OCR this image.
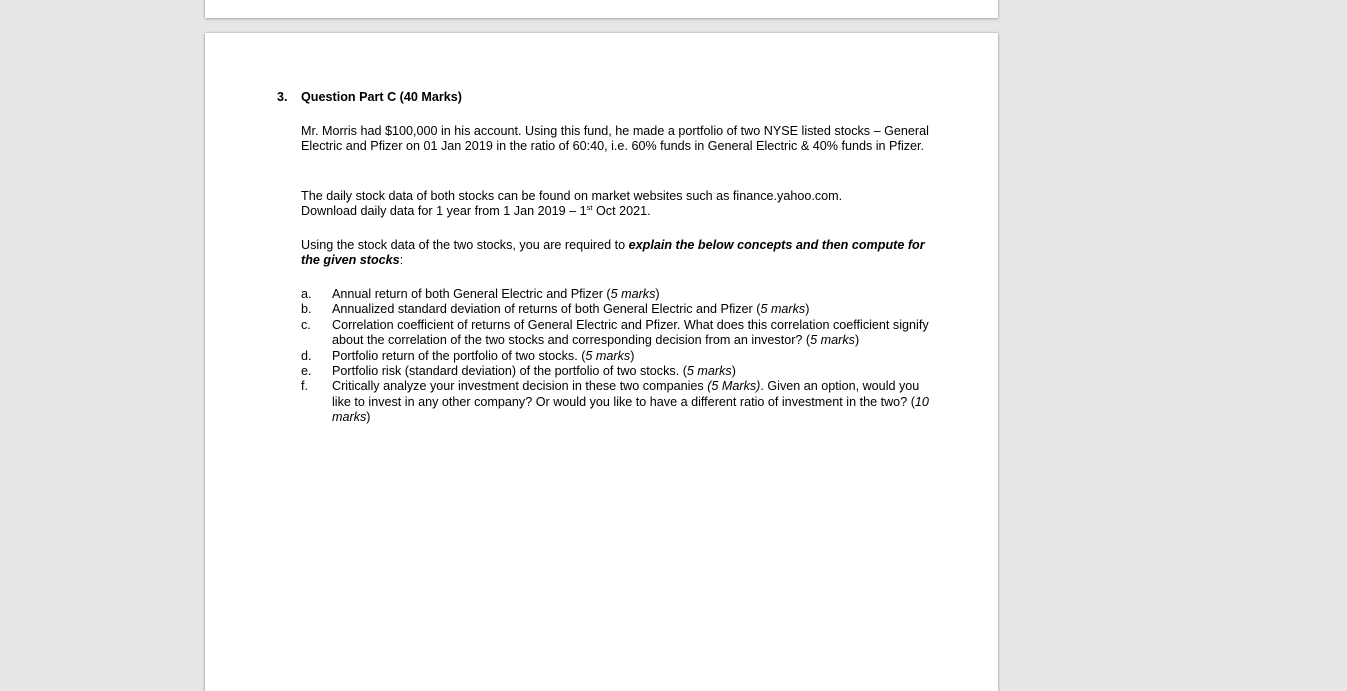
3. Question Part C (40 Marks)
Mr. Morris had $100,000 in his account. Using this fund, he made a portfolio of two NYSE listed stocks – General Electric and Pfizer on 01 Jan 2019 in the ratio of 60:40, i.e. 60% funds in General Electric & 40% funds in Pfizer.
The daily stock data of both stocks can be found on market websites such as finance.yahoo.com.
Download daily data for 1 year from 1 Jan 2019 – 1st Oct 2021.
Using the stock data of the two stocks, you are required to explain the below concepts and then compute for the given stocks:
a. Annual return of both General Electric and Pfizer (5 marks)
b. Annualized standard deviation of returns of both General Electric and Pfizer (5 marks)
c. Correlation coefficient of returns of General Electric and Pfizer. What does this correlation coefficient signify about the correlation of the two stocks and corresponding decision from an investor? (5 marks)
d. Portfolio return of the portfolio of two stocks. (5 marks)
e. Portfolio risk (standard deviation) of the portfolio of two stocks. (5 marks)
f. Critically analyze your investment decision in these two companies (5 Marks). Given an option, would you like to invest in any other company? Or would you like to have a different ratio of investment in the two? (10 marks)
